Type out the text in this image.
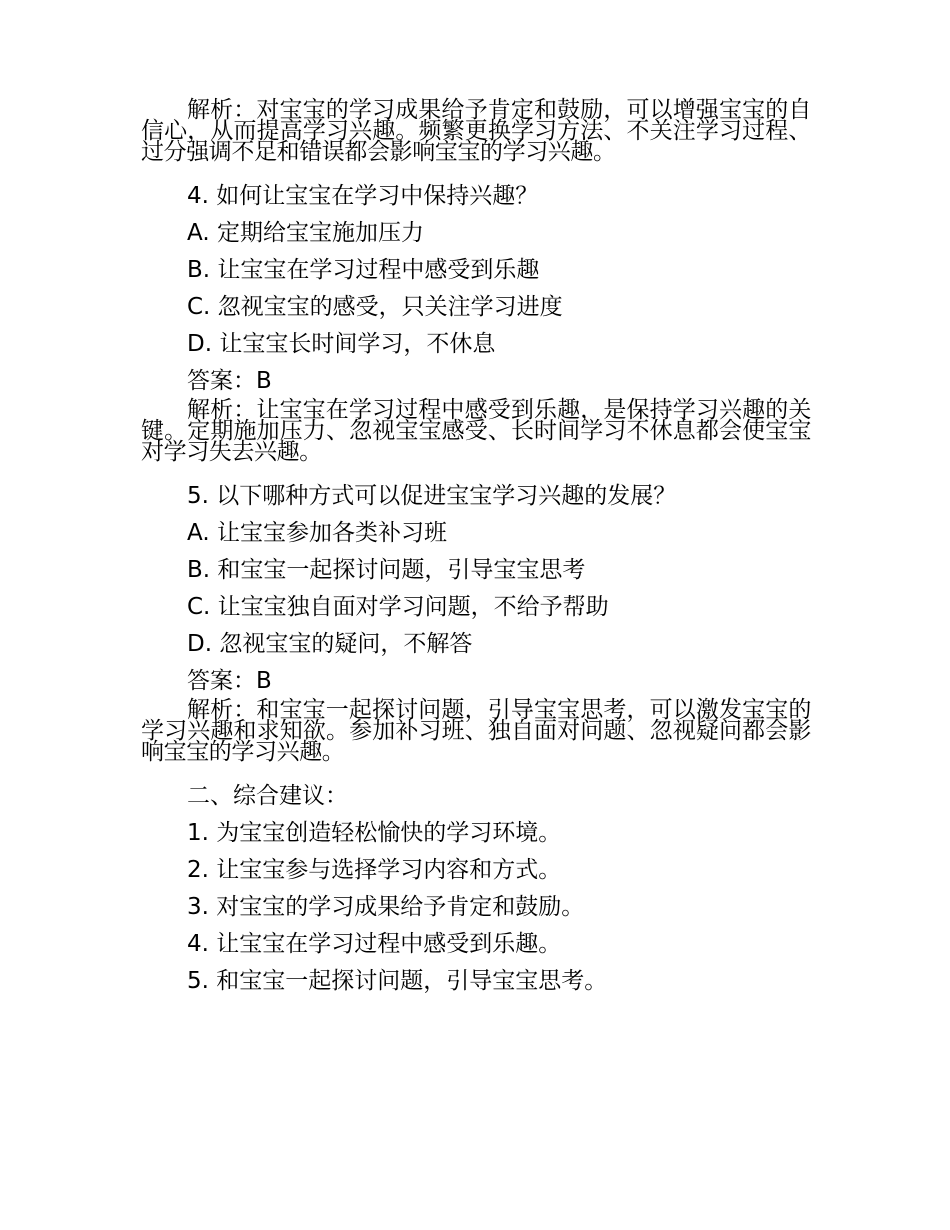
解析：对宝宝的学习成果给予肯定和鼓励，可以增强宝宝的自信心，从而提高学习兴趣。频繁更换学习方法、不关注学习过程、过分强调不足和错误都会影响宝宝的学习兴趣。

4. 如何让宝宝在学习中保持兴趣？

A. 定期给宝宝施加压力

B. 让宝宝在学习过程中感受到乐趣

C. 忽视宝宝的感受，只关注学习进度

D. 让宝宝长时间学习，不休息

答案：B

解析：让宝宝在学习过程中感受到乐趣，是保持学习兴趣的关键。定期施加压力、忽视宝宝感受、长时间学习不休息都会使宝宝对学习失去兴趣。

5. 以下哪种方式可以促进宝宝学习兴趣的发展？

A. 让宝宝参加各类补习班

B. 和宝宝一起探讨问题，引导宝宝思考

C. 让宝宝独自面对学习问题，不给予帮助

D. 忽视宝宝的疑问，不解答

答案：B

解析：和宝宝一起探讨问题，引导宝宝思考，可以激发宝宝的学习兴趣和求知欲。参加补习班、独自面对问题、忽视疑问都会影响宝宝的学习兴趣。

二、综合建议：

1. 为宝宝创造轻松愉快的学习环境。

2. 让宝宝参与选择学习内容和方式。

3. 对宝宝的学习成果给予肯定和鼓励。

4. 让宝宝在学习过程中感受到乐趣。

5. 和宝宝一起探讨问题，引导宝宝思考。
